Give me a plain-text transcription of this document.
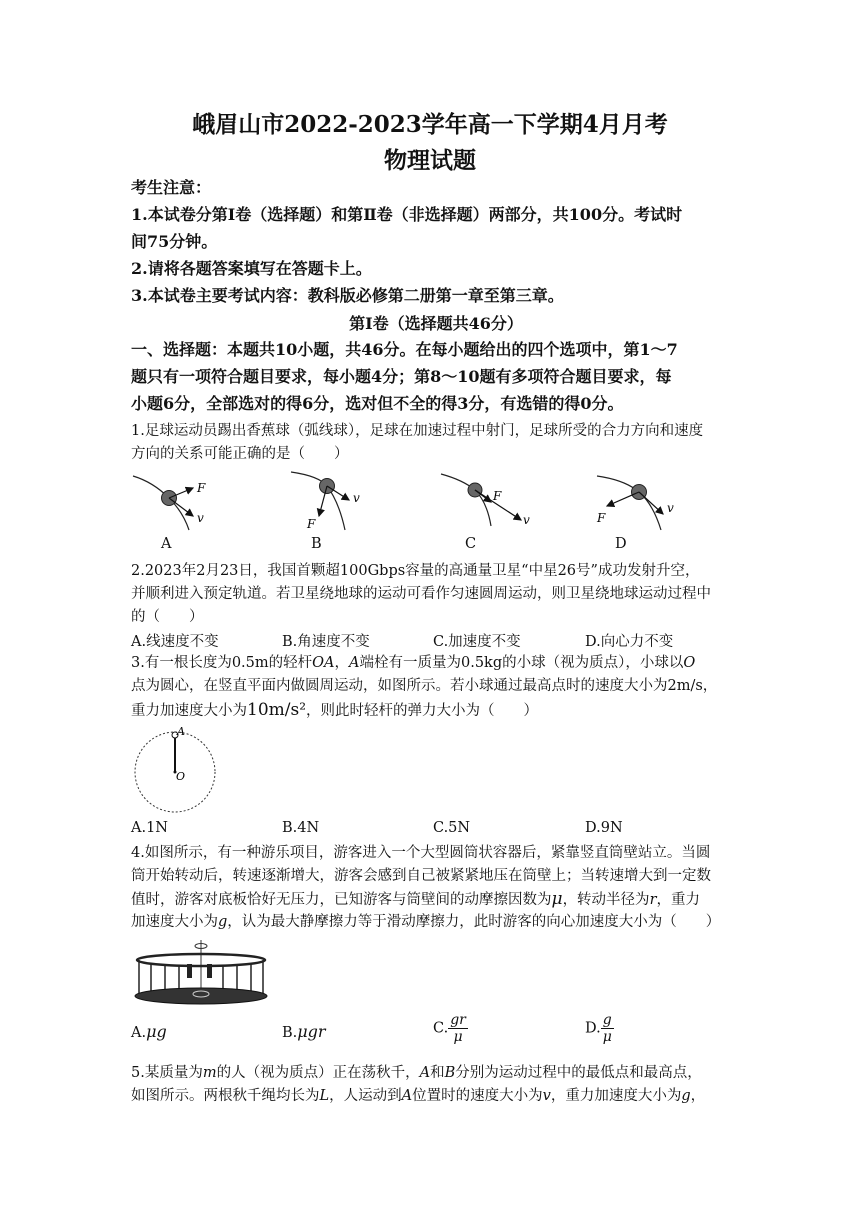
峨眉山市2022-2023学年高一下学期4月月考
物理试题
考生注意：
1.本试卷分第Ⅰ卷（选择题）和第Ⅱ卷（非选择题）两部分，共100分。考试时
间75分钟。
2.请将各题答案填写在答题卡上。
3.本试卷主要考试内容：教科版必修第二册第一章至第三章。
第Ⅰ卷（选择题共46分）
一、选择题：本题共10小题，共46分。在每小题给出的四个选项中，第1～7
题只有一项符合题目要求，每小题4分；第8～10题有多项符合题目要求，每
小题6分，全部选对的得6分，选对但不全的得3分，有选错的得0分。
1.足球运动员踢出香蕉球（弧线球），足球在加速过程中射门，足球所受的合力方向和速度
方向的关系可能正确的是（　　）
F
v
v
F
F
v
v
F
A	B	C	D
2.2023年2月23日，我国首颗超100Gbps容量的高通量卫星“中星26号”成功发射升空，
并顺利进入预定轨道。若卫星绕地球的运动可看作匀速圆周运动，则卫星绕地球运动过程中
的（　　）
A.线速度不变	B.角速度不变	C.加速度不变	D.向心力不变
3.有一根长度为0.5m的轻杆OA，A端栓有一质量为0.5kg的小球（视为质点），小球以O
点为圆心，在竖直平面内做圆周运动，如图所示。若小球通过最高点时的速度大小为2m/s，
重力加速度大小为10m/s²，则此时轻杆的弹力大小为（　　）
A
O
A.1N	B.4N	C.5N	D.9N
4.如图所示，有一种游乐项目，游客进入一个大型圆筒状容器后，紧靠竖直筒壁站立。当圆
筒开始转动后，转速逐渐增大，游客会感到自己被紧紧地压在筒壁上；当转速增大到一定数
值时，游客对底板恰好无压力，已知游客与筒壁间的动摩擦因数为μ，转动半径为r，重力
加速度大小为g，认为最大静摩擦力等于滑动摩擦力，此时游客的向心加速度大小为（　　）
A.μg	B.μgr	C. $\frac{gr}{\mu}$	D. $\frac{g}{\mu}$
5.某质量为m的人（视为质点）正在荡秋千，A和B分别为运动过程中的最低点和最高点，
如图所示。两根秋千绳均长为L，人运动到A位置时的速度大小为v，重力加速度大小为g，
